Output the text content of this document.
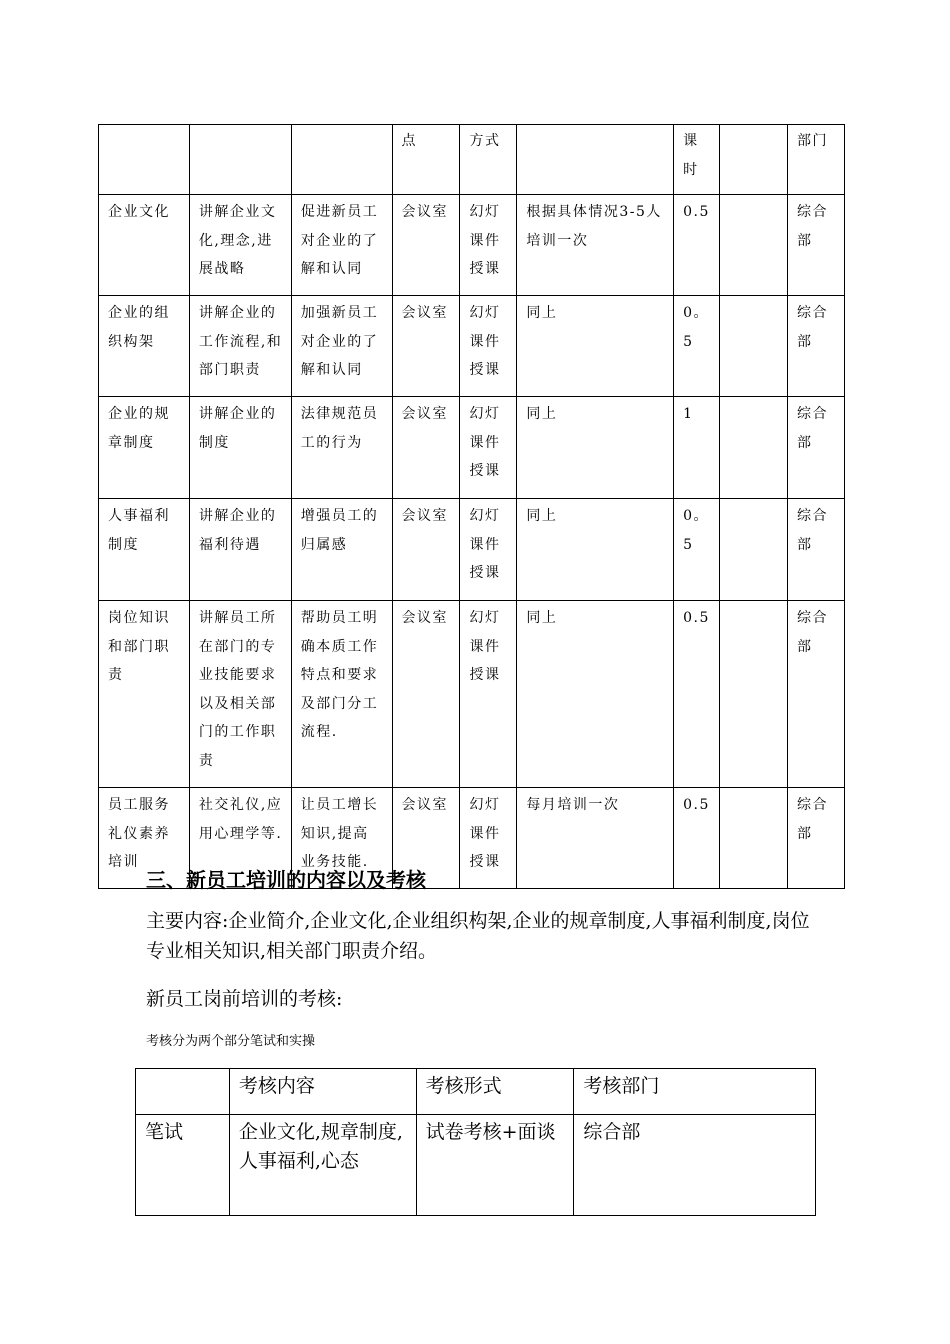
			点	方式		课时		部门
企业文化	讲解企业文化,理念,进展战略	促进新员工对企业的了解和认同	会议室	幻灯课件授课	根据具体情况3-5人培训一次	0.5		综合部
企业的组织构架	讲解企业的工作流程,和部门职责	加强新员工对企业的了解和认同	会议室	幻灯课件授课	同上	0。5		综合部
企业的规章制度	讲解企业的制度	法律规范员工的行为	会议室	幻灯课件授课	同上	1		综合部
人事福利制度	讲解企业的福利待遇	增强员工的归属感	会议室	幻灯课件授课	同上	0。5		综合部
岗位知识和部门职责	讲解员工所在部门的专业技能要求以及相关部门的工作职责	帮助员工明确本质工作特点和要求及部门分工流程.	会议室	幻灯课件授课	同上	0.5		综合部
员工服务礼仪素养培训	社交礼仪,应用心理学等.	让员工增长知识,提高业务技能.	会议室	幻灯课件授课	每月培训一次	0.5		综合部

三、新员工培训的内容以及考核

主要内容:企业简介,企业文化,企业组织构架,企业的规章制度,人事福利制度,岗位专业相关知识,相关部门职责介绍。

新员工岗前培训的考核:

考核分为两个部分笔试和实操

	考核内容	考核形式	考核部门
笔试	企业文化,规章制度,人事福利,心态	试卷考核+面谈	综合部
